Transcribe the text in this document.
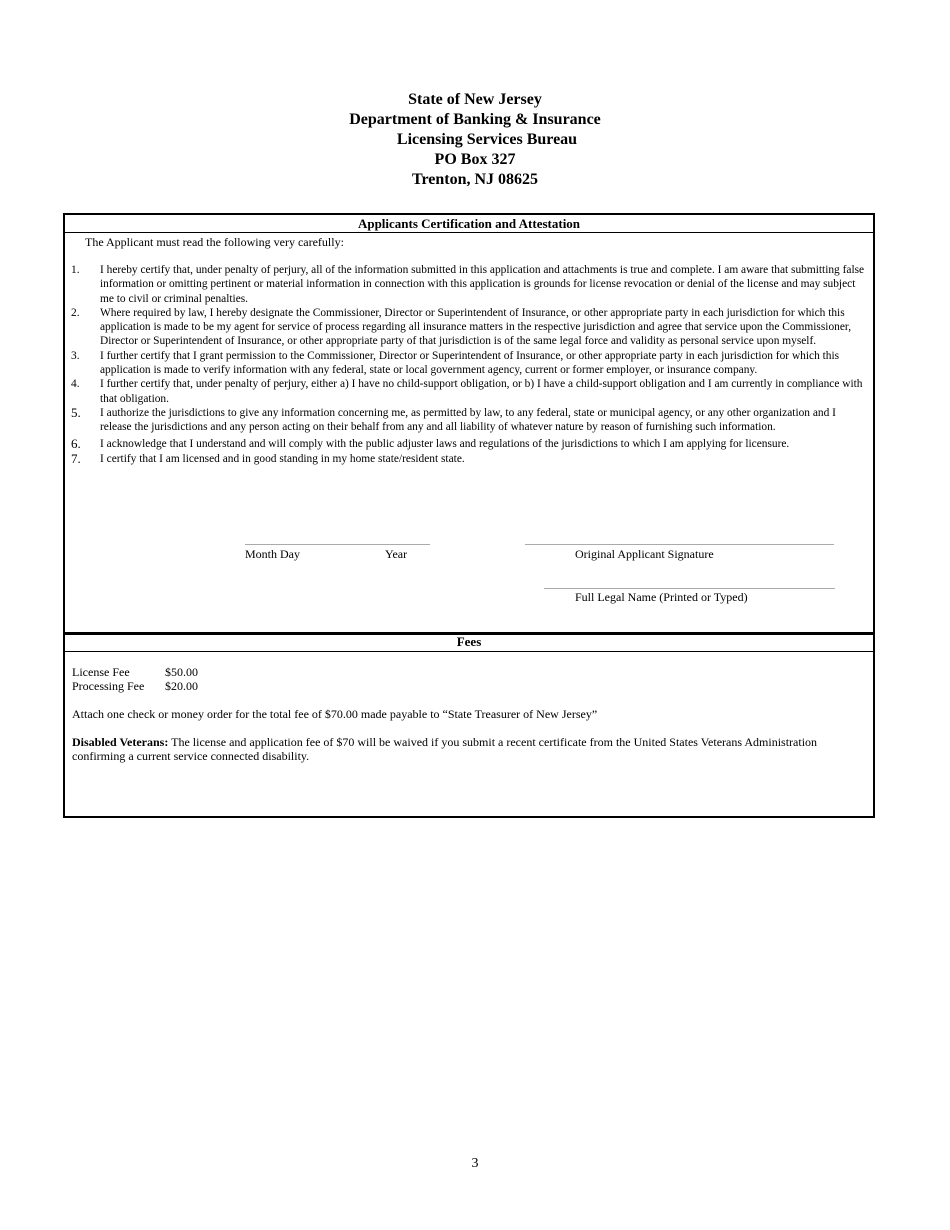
State of New Jersey
Department of Banking & Insurance
Licensing Services Bureau
PO Box 327
Trenton, NJ 08625
Applicants Certification and Attestation
The Applicant must read the following very carefully:
1. I hereby certify that, under penalty of perjury, all of the information submitted in this application and attachments is true and complete. I am aware that submitting false information or omitting pertinent or material information in connection with this application is grounds for license revocation or denial of the license and may subject me to civil or criminal penalties.
2. Where required by law, I hereby designate the Commissioner, Director or Superintendent of Insurance, or other appropriate party in each jurisdiction for which this application is made to be my agent for service of process regarding all insurance matters in the respective jurisdiction and agree that service upon the Commissioner, Director or Superintendent of Insurance, or other appropriate party of that jurisdiction is of the same legal force and validity as personal service upon myself.
3. I further certify that I grant permission to the Commissioner, Director or Superintendent of Insurance, or other appropriate party in each jurisdiction for which this application is made to verify information with any federal, state or local government agency, current or former employer, or insurance company.
4. I further certify that, under penalty of perjury, either a) I have no child-support obligation, or b) I have a child-support obligation and I am currently in compliance with that obligation.
5. I authorize the jurisdictions to give any information concerning me, as permitted by law, to any federal, state or municipal agency, or any other organization and I release the jurisdictions and any person acting on their behalf from any and all liability of whatever nature by reason of furnishing such information.
6. I acknowledge that I understand and will comply with the public adjuster laws and regulations of the jurisdictions to which I am applying for licensure.
7. I certify that I am licensed and in good standing in my home state/resident state.
Month Day	Year	Original Applicant Signature
Full Legal Name (Printed or Typed)
Fees
License Fee	$50.00
Processing Fee $20.00

Attach one check or money order for the total fee of $70.00 made payable to “State Treasurer of New Jersey”

Disabled Veterans: The license and application fee of $70 will be waived if you submit a recent certificate from the United States Veterans Administration confirming a current service connected disability.

3
